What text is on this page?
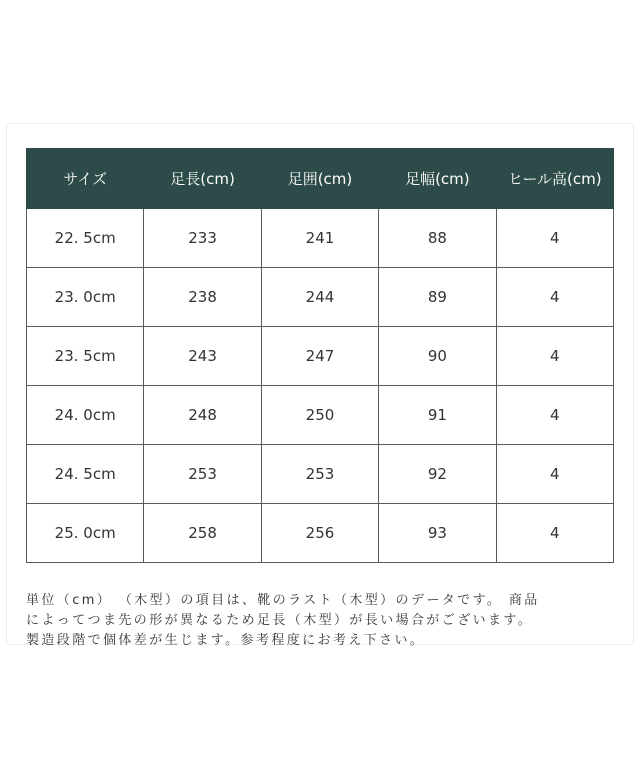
サイズ	足長(cm)	足囲(cm)	足幅(cm)	ヒール高(cm)
22. 5cm	233	241	88	4
23. 0cm	238	244	89	4
23. 5cm	243	247	90	4
24. 0cm	248	250	91	4
24. 5cm	253	253	92	4
25. 0cm	258	256	93	4
単位（cm） （木型）の項目は、靴のラスト（木型）のデータです。 商品
によってつま先の形が異なるため足長（木型）が長い場合がございます。
製造段階で個体差が生じます。参考程度にお考え下さい。
